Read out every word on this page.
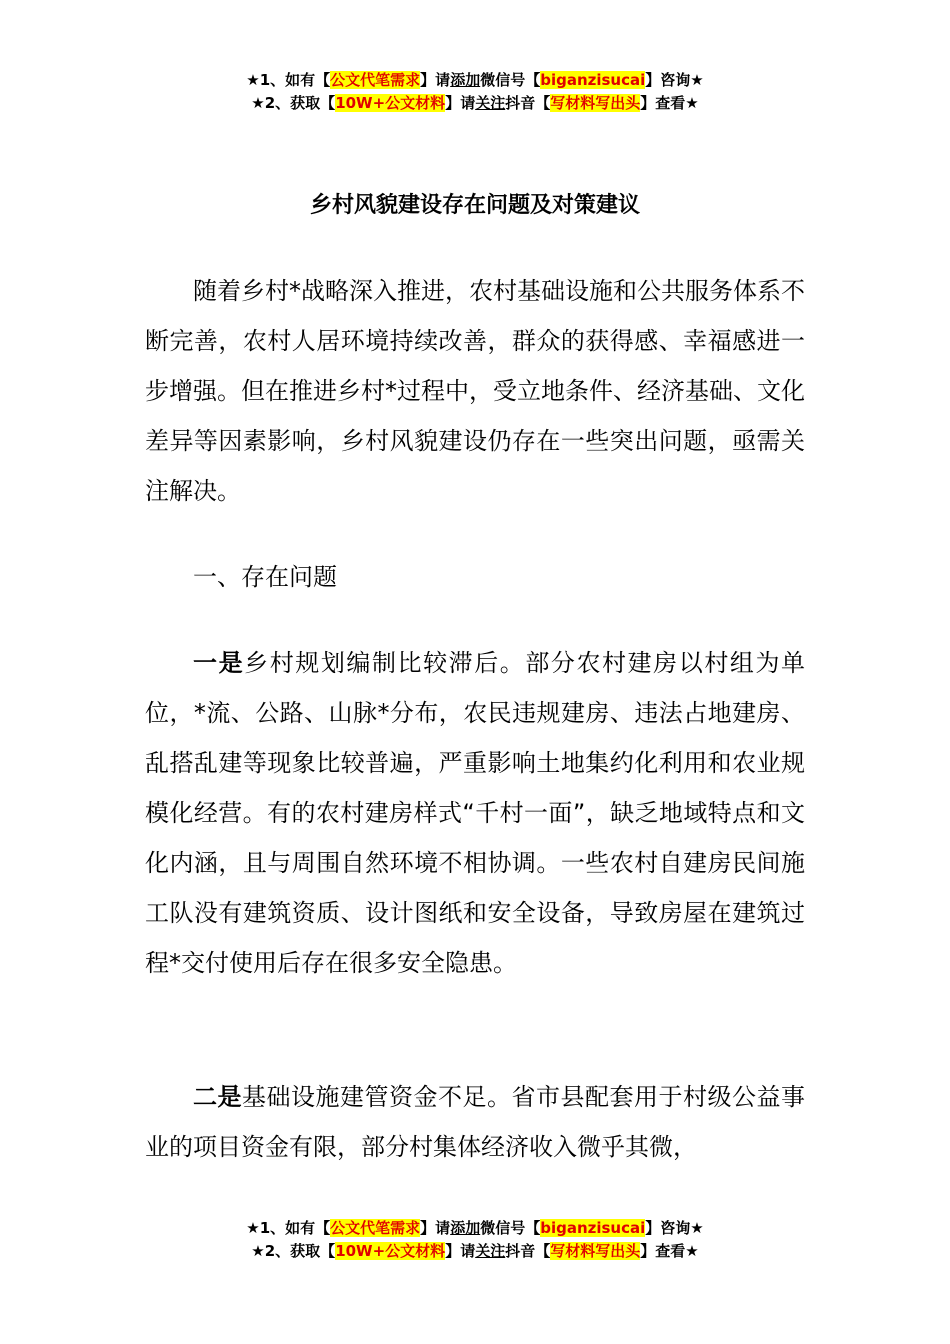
★1、如有【公文代笔需求】请添加微信号【biganzisucai】咨询★
★2、获取【10W+公文材料】请关注抖音【写材料写出头】查看★
乡村风貌建设存在问题及对策建议

随着乡村*战略深入推进，农村基础设施和公共服务体系不断完善，农村人居环境持续改善，群众的获得感、幸福感进一步增强。但在推进乡村*过程中，受立地条件、经济基础、文化差异等因素影响，乡村风貌建设仍存在一些突出问题，亟需关注解决。

一、存在问题

一是乡村规划编制比较滞后。部分农村建房以村组为单位，*流、公路、山脉*分布，农民违规建房、违法占地建房、乱搭乱建等现象比较普遍，严重影响土地集约化利用和农业规模化经营。有的农村建房样式“千村一面”，缺乏地域特点和文化内涵，且与周围自然环境不相协调。一些农村自建房民间施工队没有建筑资质、设计图纸和安全设备，导致房屋在建筑过程*交付使用后存在很多安全隐患。

二是基础设施建管资金不足。省市县配套用于村级公益事业的项目资金有限，部分村集体经济收入微乎其微，

★1、如有【公文代笔需求】请添加微信号【biganzisucai】咨询★
★2、获取【10W+公文材料】请关注抖音【写材料写出头】查看★
